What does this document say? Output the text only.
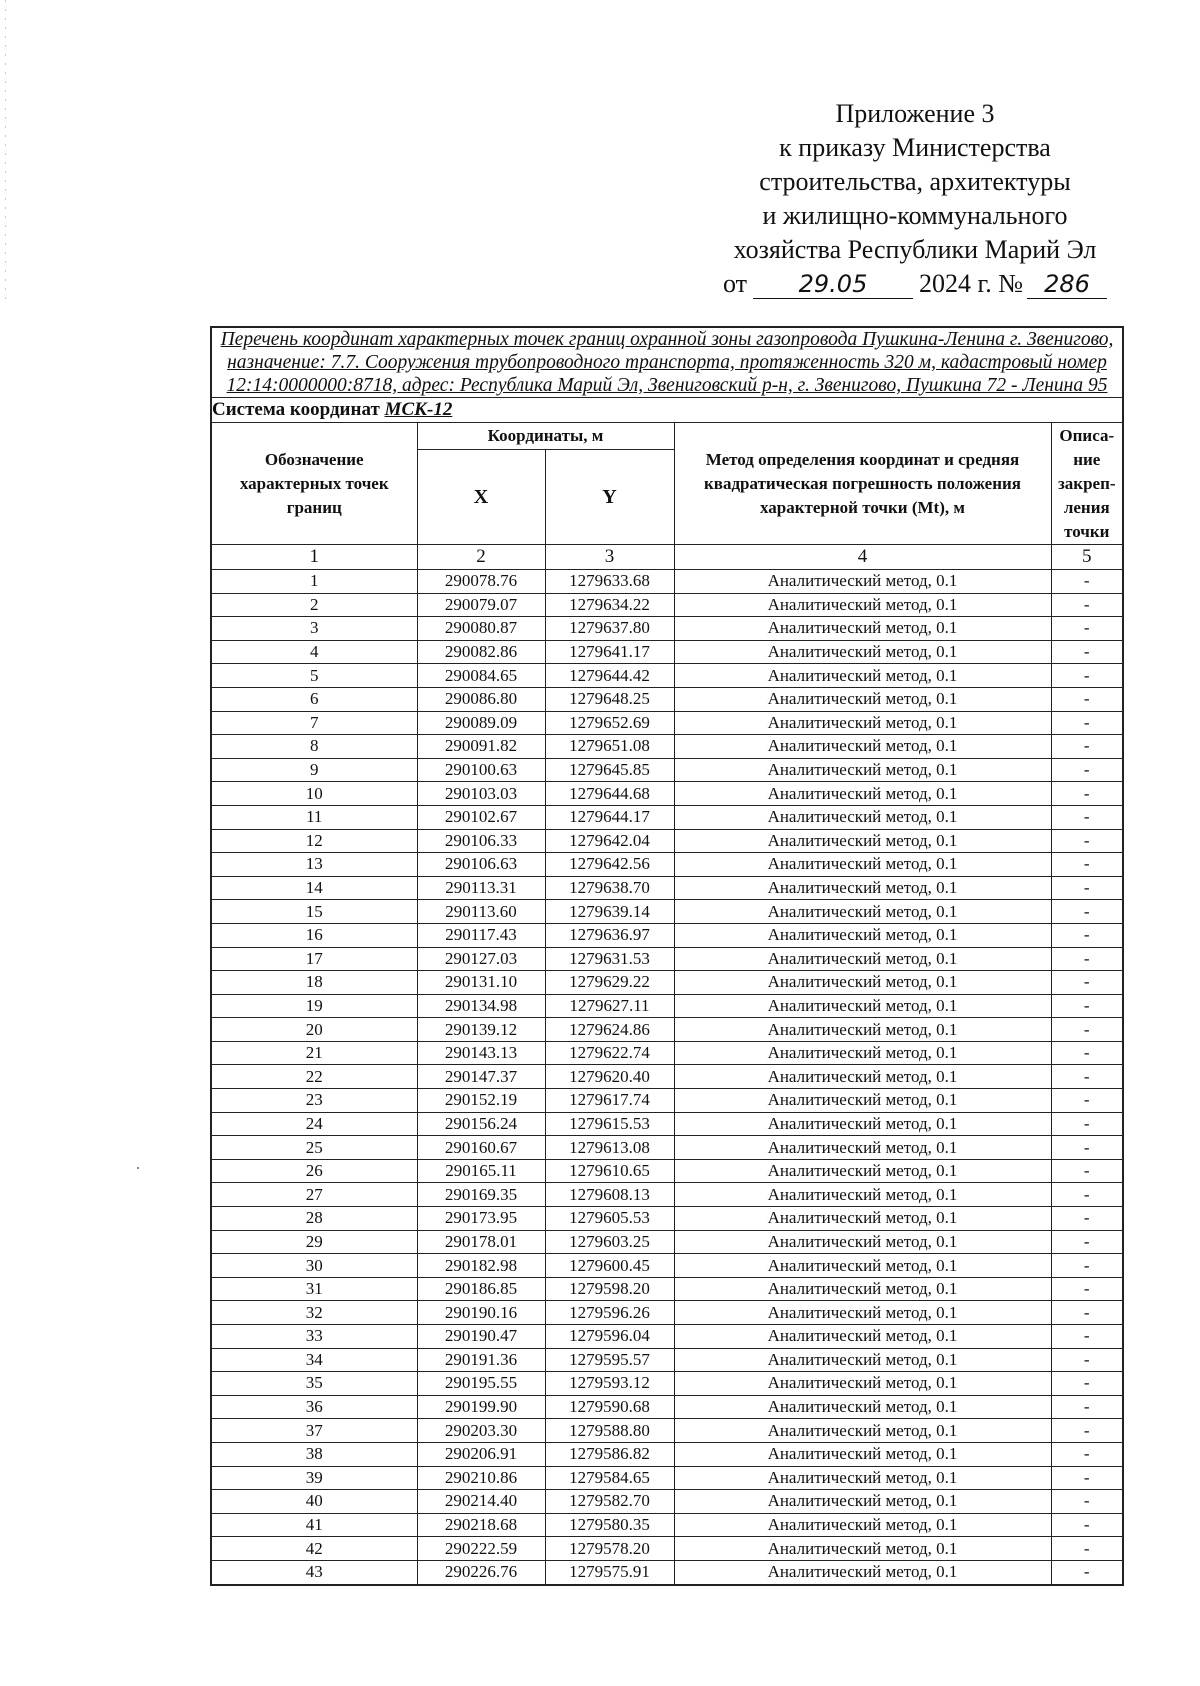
Приложение 3
к приказу Министерства
строительства, архитектуры
и жилищно-коммунального
хозяйства Республики Марий Эл
от 29.05 2024 г. № 286
Перечень координат характерных точек границ охранной зоны газопровода Пушкина-Ленина г. Звенигово, назначение: 7.7. Сооружения трубопроводного транспорта, протяженность 320 м, кадастровый номер 12:14:0000000:8718, адрес: Республика Марий Эл, Звениговский р-н, г. Звенигово, Пушкина 72 - Ленина 95				
Система координат МСК-12				
Обозначение характерных точек границ	Координаты, м		Метод определения координат и средняя квадратическая погрешность положения характерной точки (Mt), м	Описа-ние закреп-ления точки
	X	Y		
1	2	3	4	5
1	290078.76	1279633.68	Аналитический метод, 0.1	-
2	290079.07	1279634.22	Аналитический метод, 0.1	-
3	290080.87	1279637.80	Аналитический метод, 0.1	-
4	290082.86	1279641.17	Аналитический метод, 0.1	-
5	290084.65	1279644.42	Аналитический метод, 0.1	-
6	290086.80	1279648.25	Аналитический метод, 0.1	-
7	290089.09	1279652.69	Аналитический метод, 0.1	-
8	290091.82	1279651.08	Аналитический метод, 0.1	-
9	290100.63	1279645.85	Аналитический метод, 0.1	-
10	290103.03	1279644.68	Аналитический метод, 0.1	-
11	290102.67	1279644.17	Аналитический метод, 0.1	-
12	290106.33	1279642.04	Аналитический метод, 0.1	-
13	290106.63	1279642.56	Аналитический метод, 0.1	-
14	290113.31	1279638.70	Аналитический метод, 0.1	-
15	290113.60	1279639.14	Аналитический метод, 0.1	-
16	290117.43	1279636.97	Аналитический метод, 0.1	-
17	290127.03	1279631.53	Аналитический метод, 0.1	-
18	290131.10	1279629.22	Аналитический метод, 0.1	-
19	290134.98	1279627.11	Аналитический метод, 0.1	-
20	290139.12	1279624.86	Аналитический метод, 0.1	-
21	290143.13	1279622.74	Аналитический метод, 0.1	-
22	290147.37	1279620.40	Аналитический метод, 0.1	-
23	290152.19	1279617.74	Аналитический метод, 0.1	-
24	290156.24	1279615.53	Аналитический метод, 0.1	-
25	290160.67	1279613.08	Аналитический метод, 0.1	-
26	290165.11	1279610.65	Аналитический метод, 0.1	-
27	290169.35	1279608.13	Аналитический метод, 0.1	-
28	290173.95	1279605.53	Аналитический метод, 0.1	-
29	290178.01	1279603.25	Аналитический метод, 0.1	-
30	290182.98	1279600.45	Аналитический метод, 0.1	-
31	290186.85	1279598.20	Аналитический метод, 0.1	-
32	290190.16	1279596.26	Аналитический метод, 0.1	-
33	290190.47	1279596.04	Аналитический метод, 0.1	-
34	290191.36	1279595.57	Аналитический метод, 0.1	-
35	290195.55	1279593.12	Аналитический метод, 0.1	-
36	290199.90	1279590.68	Аналитический метод, 0.1	-
37	290203.30	1279588.80	Аналитический метод, 0.1	-
38	290206.91	1279586.82	Аналитический метод, 0.1	-
39	290210.86	1279584.65	Аналитический метод, 0.1	-
40	290214.40	1279582.70	Аналитический метод, 0.1	-
41	290218.68	1279580.35	Аналитический метод, 0.1	-
42	290222.59	1279578.20	Аналитический метод, 0.1	-
43	290226.76	1279575.91	Аналитический метод, 0.1	-
